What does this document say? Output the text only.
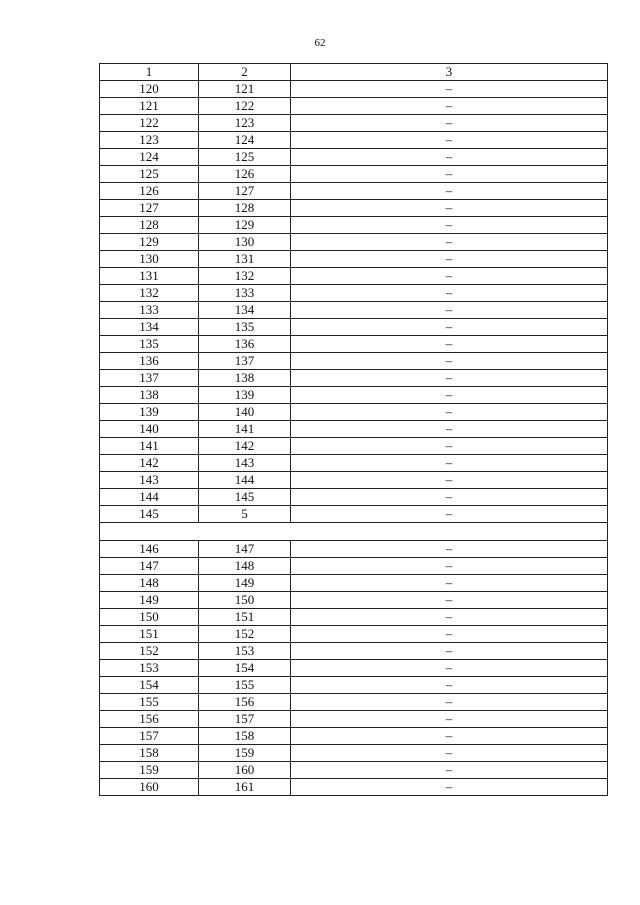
62
1	2	3
120	121	–
121	122	–
122	123	–
123	124	–
124	125	–
125	126	–
126	127	–
127	128	–
128	129	–
129	130	–
130	131	–
131	132	–
132	133	–
133	134	–
134	135	–
135	136	–
136	137	–
137	138	–
138	139	–
139	140	–
140	141	–
141	142	–
142	143	–
143	144	–
144	145	–
145	5	–

146	147	–
147	148	–
148	149	–
149	150	–
150	151	–
151	152	–
152	153	–
153	154	–
154	155	–
155	156	–
156	157	–
157	158	–
158	159	–
159	160	–
160	161	–
